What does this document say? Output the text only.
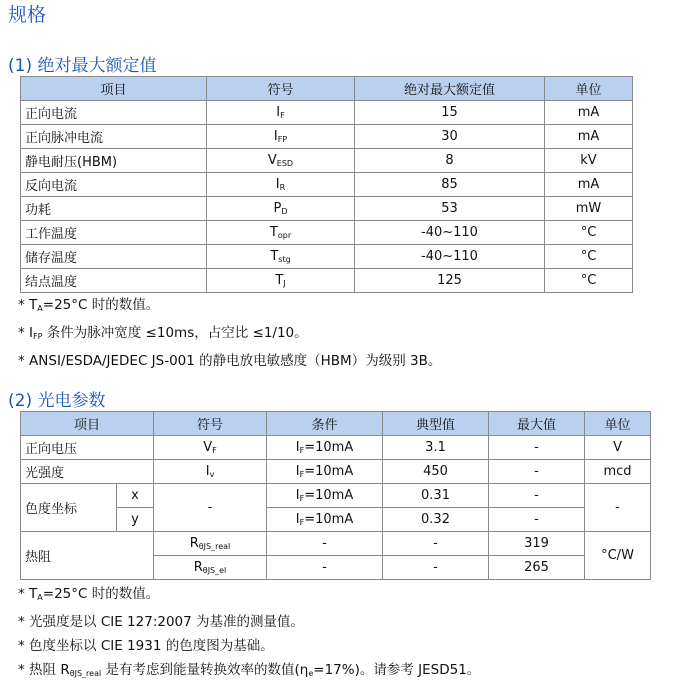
规格
(1) 绝对最大额定值
项目	符号	绝对最大额定值	单位
正向电流	$I_F$	15	mA
正向脉冲电流	$I_{FP}$	30	mA
静电耐压(HBM)	$V_{ESD}$	8	kV
反向电流	$I_R$	85	mA
功耗	$P_D$	53	mW
工作温度	$T_{opr}$	-40~110	°C
储存温度	$T_{stg}$	-40~110	°C
结点温度	$T_J$	125	°C
* $T_A=25^\circ C$ 时的数值。
* $I_{FP}$ 条件为脉冲宽度 ≤10ms，占空比 ≤1/10。
* ANSI/ESDA/JEDEC JS-001 的静电放电敏感度（HBM）为级别 3B。
(2) 光电参数
项目		符号	条件	典型值	最大值	单位
正向电压		$V_F$	$I_F=10mA$	3.1	-	V
光强度		$I_v$	$I_F=10mA$	450	-	mcd
色度坐标	x	-	$I_F=10mA$	0.31	-	-
	y		$I_F=10mA$	0.32	-	
热阻		$R_{\theta JS\_real}$	-	-	319	°C/W
		$R_{\theta JS\_el}$	-	-	265	
* $T_A=25^\circ C$ 时的数值。
* 光强度是以 CIE 127:2007 为基准的测量值。
* 色度坐标以 CIE 1931 的色度图为基础。
* 热阻 $R_{\theta JS\_real}$ 是有考虑到能量转换效率的数值$(\eta_e=17\%)$。请参考 JESD51。
